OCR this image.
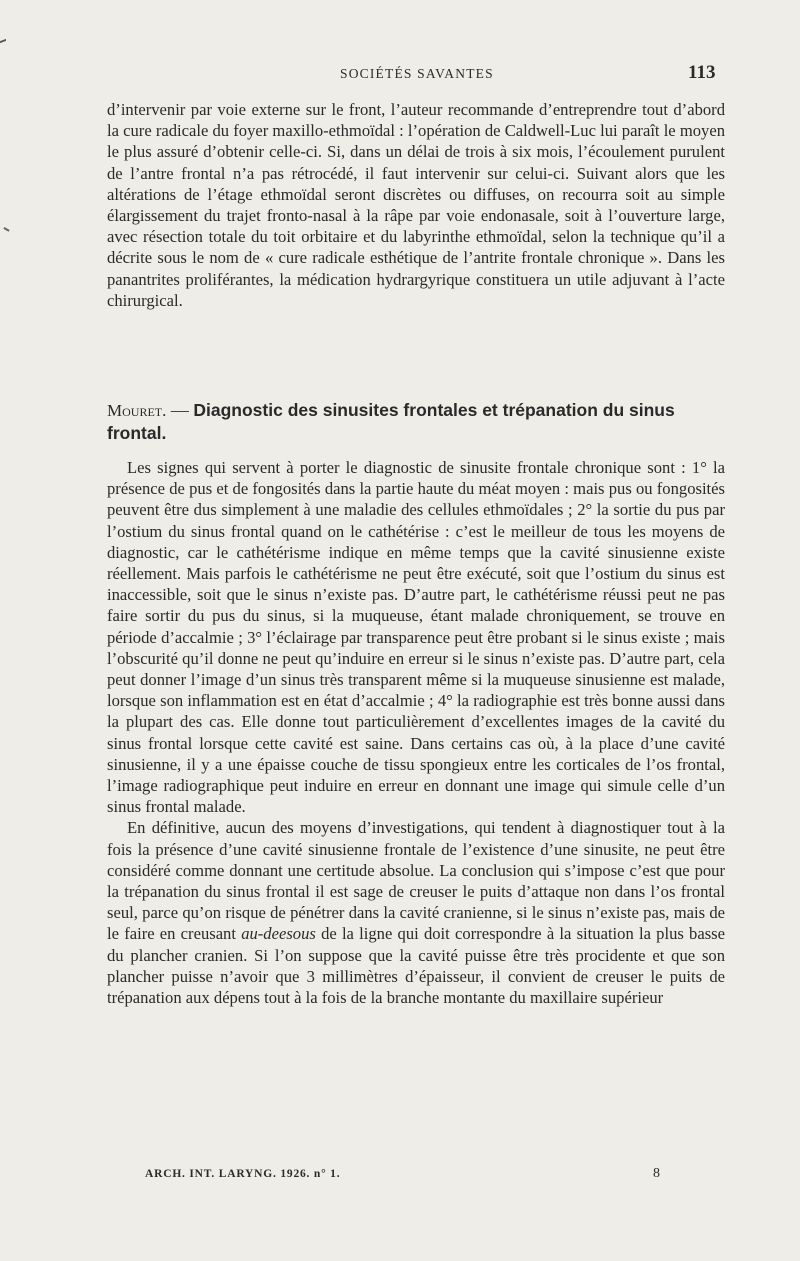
SOCIÉTÉS SAVANTES	113

d’intervenir par voie externe sur le front, l’auteur recommande d’entreprendre tout d’abord la cure radicale du foyer maxillo-ethmoïdal : l’opération de Caldwell-Luc lui paraît le moyen le plus assuré d’obtenir celle-ci. Si, dans un délai de trois à six mois, l’écoulement purulent de l’antre frontal n’a pas rétrocédé, il faut intervenir sur celui-ci. Suivant alors que les altérations de l’étage ethmoïdal seront discrètes ou diffuses, on recourra soit au simple élargissement du trajet fronto-nasal à la râpe par voie endonasale, soit à l’ouverture large, avec résection totale du toit orbitaire et du labyrinthe ethmoïdal, selon la technique qu’il a décrite sous le nom de « cure radicale esthétique de l’antrite frontale chronique ». Dans les panantrites proliférantes, la médication hydrargyrique constituera un utile adjuvant à l’acte chirurgical.

Mouret. — Diagnostic des sinusites frontales et trépanation du sinus frontal.

Les signes qui servent à porter le diagnostic de sinusite frontale chronique sont : 1° la présence de pus et de fongosités dans la partie haute du méat moyen : mais pus ou fongosités peuvent être dus simplement à une maladie des cellules ethmoïdales ; 2° la sortie du pus par l’ostium du sinus frontal quand on le cathétérise : c’est le meilleur de tous les moyens de diagnostic, car le cathétérisme indique en même temps que la cavité sinusienne existe réellement. Mais parfois le cathétérisme ne peut être exécuté, soit que l’ostium du sinus est inaccessible, soit que le sinus n’existe pas. D’autre part, le cathétérisme réussi peut ne pas faire sortir du pus du sinus, si la muqueuse, étant malade chroniquement, se trouve en période d’accalmie ; 3° l’éclairage par transparence peut être probant si le sinus existe ; mais l’obscurité qu’il donne ne peut qu’induire en erreur si le sinus n’existe pas. D’autre part, cela peut donner l’image d’un sinus très transparent même si la muqueuse sinusienne est malade, lorsque son inflammation est en état d’accalmie ; 4° la radiographie est très bonne aussi dans la plupart des cas. Elle donne tout particulièrement d’excellentes images de la cavité du sinus frontal lorsque cette cavité est saine. Dans certains cas où, à la place d’une cavité sinusienne, il y a une épaisse couche de tissu spongieux entre les corticales de l’os frontal, l’image radiographique peut induire en erreur en donnant une image qui simule celle d’un sinus frontal malade.

En définitive, aucun des moyens d’investigations, qui tendent à diagnostiquer tout à la fois la présence d’une cavité sinusienne frontale de l’existence d’une sinusite, ne peut être considéré comme donnant une certitude absolue. La conclusion qui s’impose c’est que pour la trépanation du sinus frontal il est sage de creuser le puits d’attaque non dans l’os frontal seul, parce qu’on risque de pénétrer dans la cavité cranienne, si le sinus n’existe pas, mais de le faire en creusant au-deesous de la ligne qui doit correspondre à la situation la plus basse du plancher cranien. Si l’on suppose que la cavité puisse être très procidente et que son plancher puisse n’avoir que 3 millimètres d’épaisseur, il convient de creuser le puits de trépanation aux dépens tout à la fois de la branche montante du maxillaire supérieur

ARCH. INT. LARYNG. 1926. n° 1.	8
